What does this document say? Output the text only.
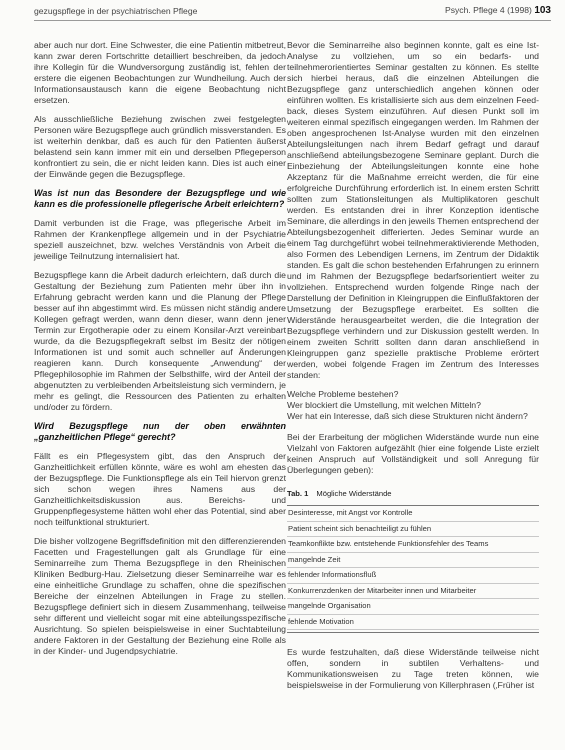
gezugspflege in der psychiatrischen Pflege	Psych. Pflege 4 (1998) 103

aber auch nur dort. Eine Schwester, die eine Patientin mitbetreut, kann zwar deren Fortschritte detailliert beschreiben, da jedoch ihre Kollegin für die Wundversorgung zuständig ist, fehlen der erstere die eigenen Beobachtungen zur Wundheilung. Auch der Informationsaustausch kann die eigene Beobachtung nicht ersetzen.

Als ausschließliche Beziehung zwischen zwei festgelegten Personen wäre Bezugspflege auch gründlich missverstanden. Es ist weiterhin denkbar, daß es auch für den Patienten äußerst belastend sein kann immer mit ein und derselben Pflegeperson konfrontiert zu sein, die er nicht leiden kann. Dies ist auch einer der Einwände gegen die Bezugspflege.

Was ist nun das Besondere der Bezugspflege und wie kann es die professionelle pflegerische Arbeit erleichtern?

Damit verbunden ist die Frage, was pflegerische Arbeit im Rahmen der Krankenpflege allgemein und in der Psychiatrie speziell auszeichnet, bzw. welches Verständnis von Arbeit die jeweilige Teilnutzung internalisiert hat.

Bezugspflege kann die Arbeit dadurch erleichtern, daß durch die Gestaltung der Beziehung zum Patienten mehr über ihn in Erfahrung gebracht werden kann und die Planung der Pflege besser auf ihn abgestimmt wird. Es müssen nicht ständig andere Kollegen gefragt werden, wann denn dieser, wann denn jener Termin zur Ergotherapie oder zu einem Konsilar-Arzt vereinbart wurde, da die Bezugspflegekraft selbst im Besitz der nötigen Informationen ist und somit auch schneller auf Änderungen reagieren kann. Durch konsequente „Anwendung“ der Pflegephilosophie im Rahmen der Selbsthilfe, wird der Anteil der abgenutzten zu verbleibenden Arbeitsleistung sich vermindern, je mehr es gelingt, die Ressourcen des Patienten zu erhalten und/oder zu fördern.

Wird Bezugspflege nun der oben erwähnten „ganzheitlichen Pflege“ gerecht?

Fällt es ein Pflegesystem gibt, das den Anspruch der Ganzheitlichkeit erfüllen könnte, wäre es wohl am ehesten das der Bezugspflege. Die Funktionspflege als ein Teil hiervon grenzt sich schon wegen ihres Namens aus der Ganzheitlichkeitsdiskussion aus. Bereichs- und Gruppenpflegesysteme hätten wohl eher das Potential, sind aber noch teilfunktional strukturiert.

Die bisher vollzogene Begriffsdefinition mit den differenzierenden Facetten und Fragestellungen galt als Grundlage für eine Seminarreihe zum Thema Bezugspflege in den Rheinischen Kliniken Bedburg-Hau. Zielsetzung dieser Seminarreihe war es eine einheitliche Grundlage zu schaffen, ohne die spezifischen Bereiche der einzelnen Abteilungen in Frage zu stellen. Bezugspflege definiert sich in diesem Zusammenhang, teilweise sehr different und vielleicht sogar mit eine abteilungsspezifische Ausrichtung. So spielen beispielsweise in einer Suchtabteilung andere Faktoren in der Gestaltung der Beziehung eine Rolle als in der Kinder- und Jugendpsychiatrie.

Bevor die Seminarreihe also beginnen konnte, galt es eine Ist-Analyse zu vollziehen, um so ein bedarfs- und teilnehmerorientiertes Seminar gestalten zu können. Es stellte sich hierbei heraus, daß die einzelnen Abteilungen die Bezugspflege ganz unterschiedlich angehen können oder einführen wollten. Es kristallisierte sich aus dem einzelnen Feed-back, dieses System einzuführen. Auf diesen Punkt soll im weiteren einmal spezifisch eingegangen werden. Im Rahmen der oben angesprochenen Ist-Analyse wurden mit den einzelnen Abteilungsleitungen nach ihrem Bedarf gefragt und darauf anschließend abteilungsbezogene Seminare geplant. Durch die Einbeziehung der Abteilungsleitungen konnte eine hohe Akzeptanz für die Maßnahme erreicht werden, die für eine erfolgreiche Durchführung erforderlich ist. In einem ersten Schritt sollten zum Stationsleitungen als Multiplikatoren geschult werden. Es entstanden drei in ihrer Konzeption identische Seminare, die allerdings in den jeweils Themen entsprechend der Abteilungsbezogenheit differierten. Jedes Seminar wurde an einem Tag durchgeführt wobei teilnehmeraktivierende Methoden, also Formen des Lebendigen Lernens, im Zentrum der Didaktik standen. Es galt die schon bestehenden Erfahrungen zu erinnern und im Rahmen der Bezugspflege bedarfsorientiert weiter zu vollziehen. Entsprechend wurden folgende Ringe nach der Darstellung der Definition in Kleingruppen die Einflußfaktoren der Umsetzung der Bezugspflege erarbeitet. Es sollten die Widerstände herausgearbeitet werden, die die Integration der Bezugspflege verhindern und zur Diskussion gestellt werden. In einem zweiten Schritt sollten dann daran anschließend in Kleingruppen ganz spezielle praktische Probleme erörtert werden, wobei folgende Fragen im Zentrum des Interesses standen:

Welche Probleme bestehen?
Wer blockiert die Umstellung, mit welchen Mitteln?
Wer hat ein Interesse, daß sich diese Strukturen nicht ändern?

Bei der Erarbeitung der möglichen Widerstände wurde nun eine Vielzahl von Faktoren aufgezählt (hier eine folgende Liste erzielt keinen Anspruch auf Vollständigkeit und soll Anregung für Überlegungen geben):

Tab. 1 Mögliche Widerstände
Desinteresse, mit Angst vor Kontrolle
Patient scheint sich benachteiligt zu fühlen
Teamkonflikte bzw. entstehende Funktionsfehler des Teams
mangelnde Zeit
fehlender Informationsfluß
Konkurrenzdenken der Mitarbeiter innen und Mitarbeiter
mangelnde Organisation
fehlende Motivation

Es wurde festzuhalten, daß diese Widerstände teilweise nicht offen, sondern in subtilen Verhaltens- und Kommunikationsweisen zu Tage treten können, wie beispielsweise in der Formulierung von Killerphrasen (‚Früher ist
